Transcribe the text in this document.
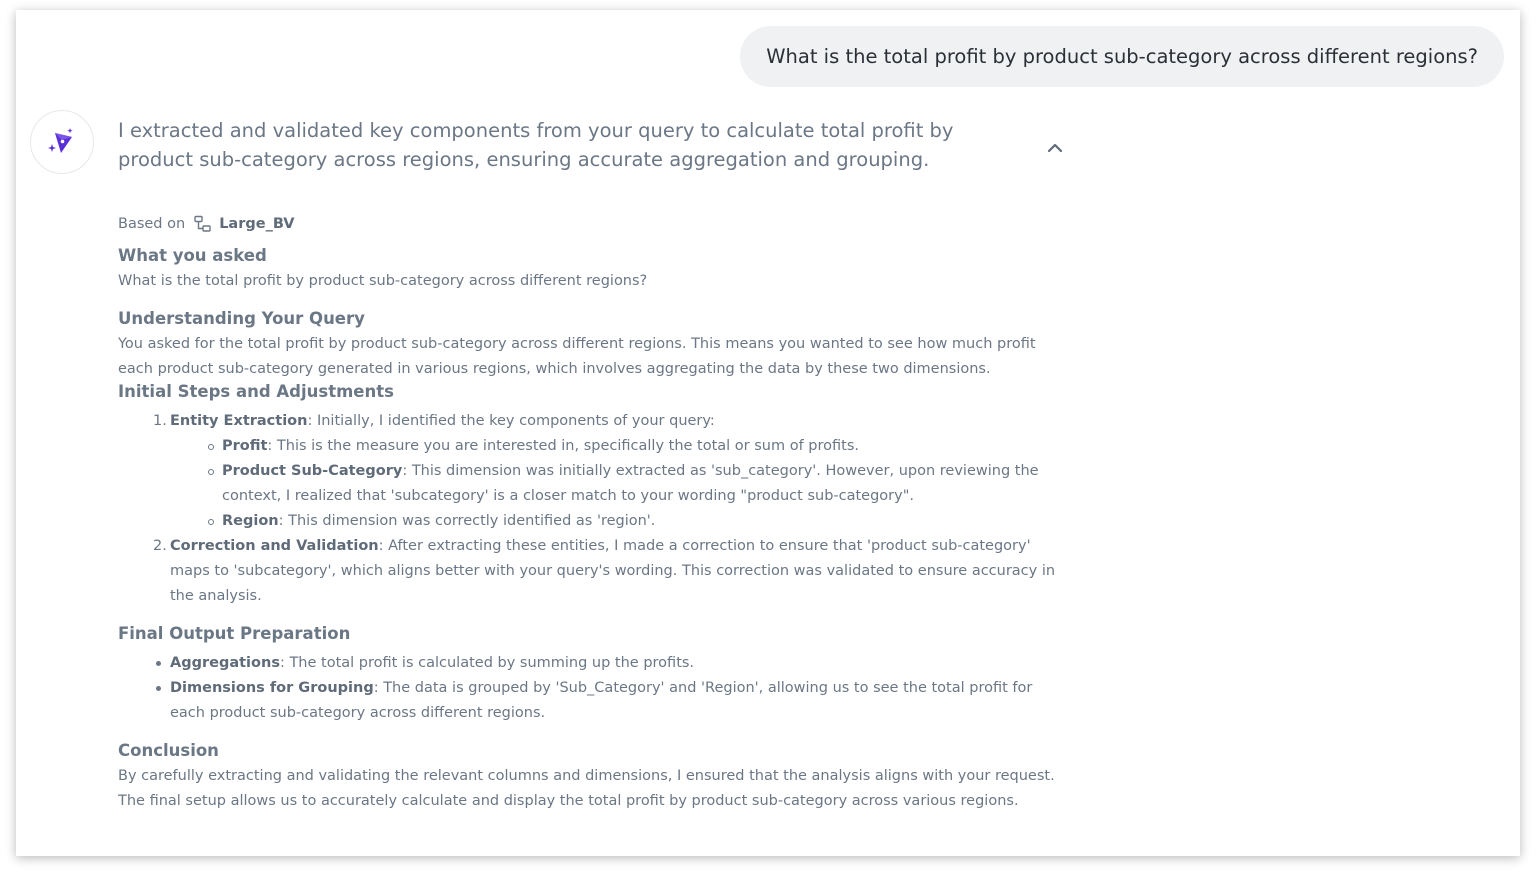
What is the total profit by product sub-category across different regions?
I extracted and validated key components from your query to calculate total profit by product sub-category across regions, ensuring accurate aggregation and grouping.
Based on Large_BV
What you asked
What is the total profit by product sub-category across different regions?
Understanding Your Query
You asked for the total profit by product sub-category across different regions. This means you wanted to see how much profit each product sub-category generated in various regions, which involves aggregating the data by these two dimensions.
Initial Steps and Adjustments
1. Entity Extraction: Initially, I identified the key components of your query:
Profit: This is the measure you are interested in, specifically the total or sum of profits.
Product Sub-Category: This dimension was initially extracted as 'sub_category'. However, upon reviewing the context, I realized that 'subcategory' is a closer match to your wording "product sub-category".
Region: This dimension was correctly identified as 'region'.
2. Correction and Validation: After extracting these entities, I made a correction to ensure that 'product sub-category' maps to 'subcategory', which aligns better with your query's wording. This correction was validated to ensure accuracy in the analysis.
Final Output Preparation
Aggregations: The total profit is calculated by summing up the profits.
Dimensions for Grouping: The data is grouped by 'Sub_Category' and 'Region', allowing us to see the total profit for each product sub-category across different regions.
Conclusion
By carefully extracting and validating the relevant columns and dimensions, I ensured that the analysis aligns with your request. The final setup allows us to accurately calculate and display the total profit by product sub-category across various regions.
